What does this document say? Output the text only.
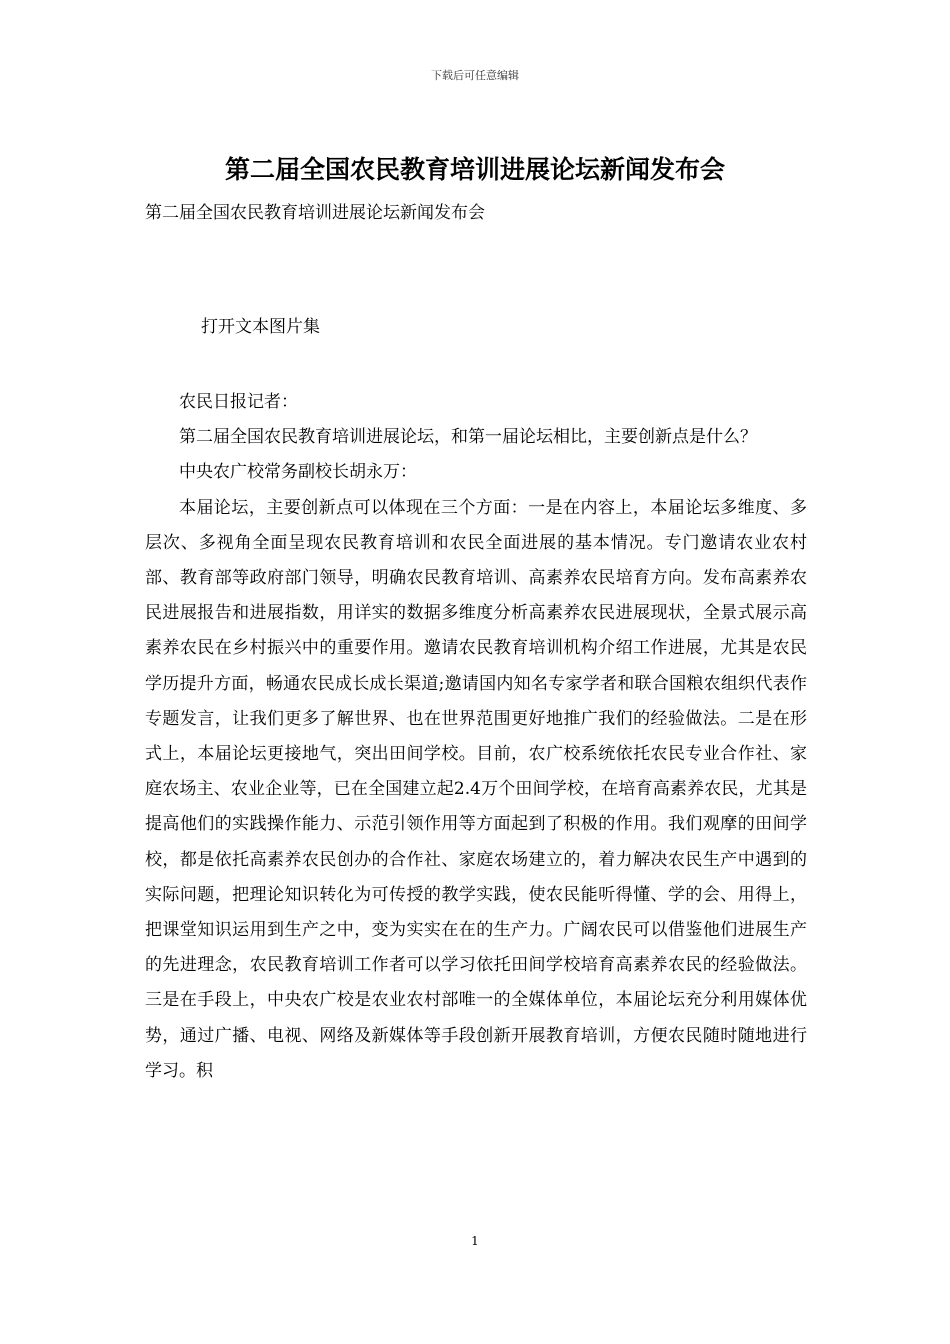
下载后可任意编辑
第二届全国农民教育培训进展论坛新闻发布会
第二届全国农民教育培训进展论坛新闻发布会
打开文本图片集

农民日报记者：

第二届全国农民教育培训进展论坛，和第一届论坛相比，主要创新点是什么？

中央农广校常务副校长胡永万：

本届论坛，主要创新点可以体现在三个方面：一是在内容上，本届论坛多维度、多层次、多视角全面呈现农民教育培训和农民全面进展的基本情况。专门邀请农业农村部、教育部等政府部门领导，明确农民教育培训、高素养农民培育方向。发布高素养农民进展报告和进展指数，用详实的数据多维度分析高素养农民进展现状，全景式展示高素养农民在乡村振兴中的重要作用。邀请农民教育培训机构介绍工作进展，尤其是农民学历提升方面，畅通农民成长成长渠道;邀请国内知名专家学者和联合国粮农组织代表作专题发言，让我们更多了解世界、也在世界范围更好地推广我们的经验做法。二是在形式上，本届论坛更接地气，突出田间学校。目前，农广校系统依托农民专业合作社、家庭农场主、农业企业等，已在全国建立起2.4万个田间学校，在培育高素养农民，尤其是提高他们的实践操作能力、示范引领作用等方面起到了积极的作用。我们观摩的田间学校，都是依托高素养农民创办的合作社、家庭农场建立的，着力解决农民生产中遇到的实际问题，把理论知识转化为可传授的教学实践，使农民能听得懂、学的会、用得上，把课堂知识运用到生产之中，变为实实在在的生产力。广阔农民可以借鉴他们进展生产的先进理念，农民教育培训工作者可以学习依托田间学校培育高素养农民的经验做法。三是在手段上，中央农广校是农业农村部唯一的全媒体单位，本届论坛充分利用媒体优势，通过广播、电视、网络及新媒体等手段创新开展教育培训，方便农民随时随地进行学习。积

1
